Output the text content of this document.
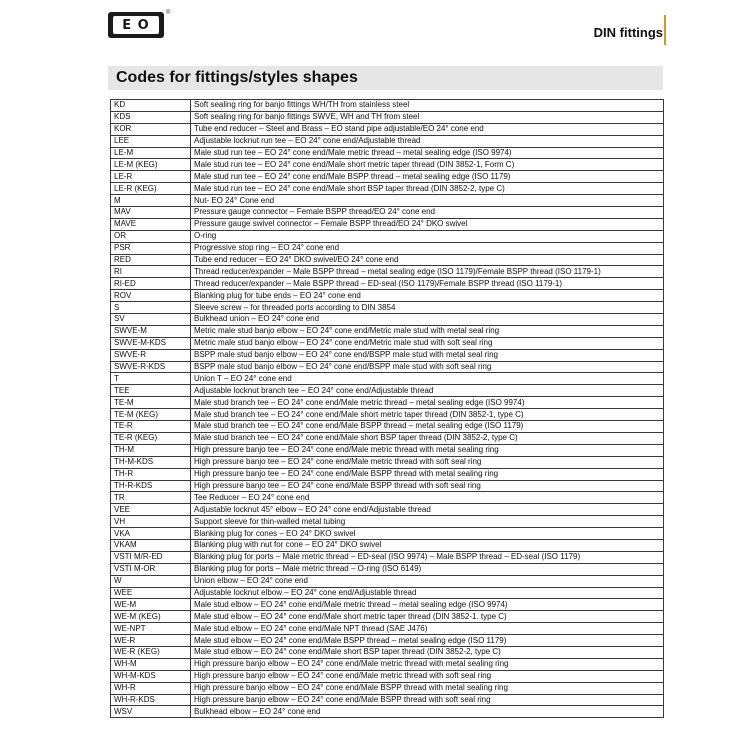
E O
®
DIN fittings
Codes for fittings/styles shapes
KD	Soft sealing ring for banjo fittings WH/TH from stainless steel
KDS	Soft sealing ring for banjo fittings SWVE, WH and TH from steel
KOR	Tube end reducer – Steel and Brass – EO stand pipe adjustable/EO 24° cone end
LEE	Adjustable locknut run tee – EO 24° cone end/Adjustable thread
LE-M	Male stud run tee – EO 24° cone end/Male metric thread – metal sealing edge (ISO 9974)
LE-M (KEG)	Male stud run tee – EO 24° cone end/Male short metric taper thread (DIN 3852-1, Form C)
LE-R	Male stud run tee – EO 24° cone end/Male BSPP thread – metal sealing edge (ISO 1179)
LE-R (KEG)	Male stud run tee – EO 24° cone end/Male short BSP taper thread (DIN 3852-2, type C)
M	Nut- EO 24° Cone end
MAV	Pressure gauge connector – Female BSPP thread/EO 24° cone end
MAVE	Pressure gauge swivel connector – Female BSPP thread/EO 24° DKO swivel
OR	O-ring
PSR	Progressive stop ring – EO 24° cone end
RED	Tube end reducer – EO 24° DKO swivel/EO 24° cone end
RI	Thread reducer/expander – Male BSPP thread – metal sealing edge (ISO 1179)/Female BSPP thread (ISO 1179-1)
RI-ED	Thread reducer/expander – Male BSPP thread – ED-seal (ISO 1179)/Female BSPP thread (ISO 1179-1)
ROV	Blanking plug for tube ends – EO 24° cone end
S	Sleeve screw – for threaded ports according to DIN 3854
SV	Bulkhead union – EO 24° cone end
SWVE-M	Metric male stud banjo elbow – EO 24° cone end/Metric male stud with metal seal ring
SWVE-M-KDS	Metric male stud banjo elbow – EO 24° cone end/Metric male stud with soft seal ring
SWVE-R	BSPP male stud banjo elbow – EO 24° cone end/BSPP male stud with metal seal ring
SWVE-R-KDS	BSPP male stud banjo elbow – EO 24° cone end/BSPP male stud with soft seal ring
T	Union T – EO 24° cone end
TEE	Adjustable locknut branch tee – EO 24° cone end/Adjustable thread
TE-M	Male stud branch tee – EO 24° cone end/Male metric thread – metal sealing edge (ISO 9974)
TE-M (KEG)	Male stud branch tee – EO 24° cone end/Male short metric taper thread (DIN 3852-1, type C)
TE-R	Male stud branch tee – EO 24° cone end/Male BSPP thread – metal sealing edge (ISO 1179)
TE-R (KEG)	Male stud branch tee – EO 24° cone end/Male short BSP taper thread (DIN 3852-2, type C)
TH-M	High pressure banjo tee – EO 24° cone end/Male metric thread with metal sealing ring
TH-M-KDS	High pressure banjo tee – EO 24° cone end/Male metric thread with soft seal ring
TH-R	High pressure banjo tee – EO 24° cone end/Male BSPP thread with metal sealing ring
TH-R-KDS	High pressure banjo tee – EO 24° cone end/Male BSPP thread with soft seal ring
TR	Tee Reducer – EO 24° cone end
VEE	Adjustable locknut 45° elbow – EO 24° cone end/Adjustable thread
VH	Support sleeve for thin-walled metal tubing
VKA	Blanking plug for cones – EO 24° DKO swivel
VKAM	Blanking plug with nut for cone – EO 24° DKO swivel
VSTI M/R-ED	Blanking plug for ports – Male metric thread – ED-seal (ISO 9974) – Male BSPP thread – ED-seal (ISO 1179)
VSTI M-OR	Blanking plug for ports – Male metric thread – O-ring (ISO 6149)
W	Union elbow – EO 24° cone end
WEE	Adjustable locknut elbow – EO 24° cone end/Adjustable thread
WE-M	Male stud elbow – EO 24° cone end/Male metric thread – metal sealing edge (ISO 9974)
WE-M (KEG)	Male stud elbow – EO 24° cone end/Male short metric taper thread (DIN 3852-1. type C)
WE-NPT	Male stud elbow – EO 24° cone end/Male NPT thread (SAE J476)
WE-R	Male stud elbow – EO 24° cone end/Male BSPP thread – metal sealing edge (ISO 1179)
WE-R (KEG)	Male stud elbow – EO 24° cone end/Male short BSP taper thread (DIN 3852-2, type C)
WH-M	High pressure banjo elbow – EO 24° cone end/Male metric thread with metal sealing ring
WH-M-KDS	High pressure banjo elbow – EO 24° cone end/Male metric thread with soft seal ring
WH-R	High pressure banjo elbow – EO 24° cone end/Male BSPP thread with metal sealing ring
WH-R-KDS	High pressure banjo elbow – EO 24° cone end/Male BSPP thread with soft seal ring
WSV	Bulkhead elbow – EO 24° cone end
